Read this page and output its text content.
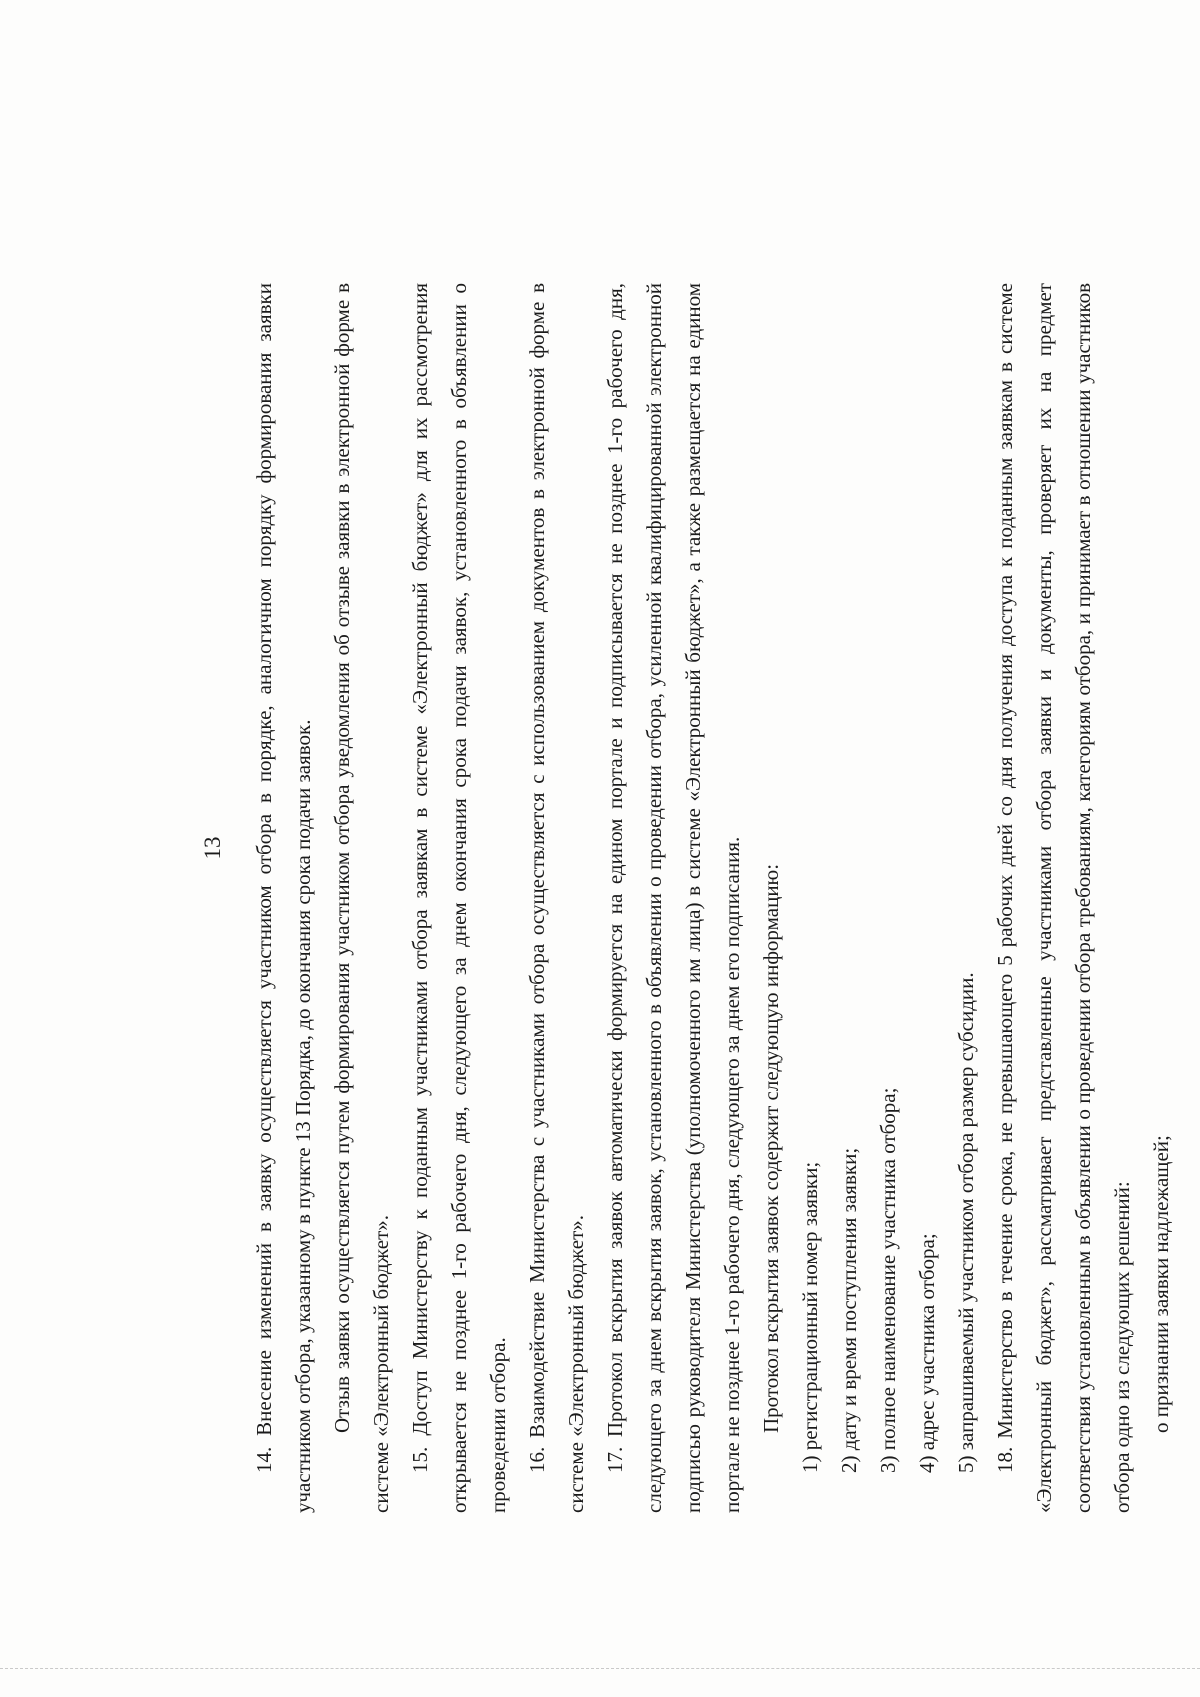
13	14. Внесение изменений в заявку осуществляется участником отбора в порядке, аналогичном порядку формирования заявки участником отбора, указанному в пункте 13 Порядка, до окончания срока подачи заявок. Отзыв заявки осуществляется путем формирования участником отбора уведомления об отзыве заявки в электронной форме в системе «Электронный бюджет». 15. Доступ Министерству к поданным участниками отбора заявкам в системе «Электронный бюджет» для их рассмотрения открывается не позднее 1-го рабочего дня, следующего за днем окончания срока подачи заявок, установленного в объявлении о проведении отбора. 16. Взаимодействие Министерства с участниками отбора осуществляется с использованием документов в электронной форме в системе «Электронный бюджет». 17. Протокол вскрытия заявок автоматически формируется на едином портале и подписывается не позднее 1-го рабочего дня, следующего за днем вскрытия заявок, установленного в объявлении о проведении отбора, усиленной квалифицированной электронной подписью руководителя Министерства (уполномоченного им лица) в системе «Электронный бюджет», а также размещается на едином портале не позднее 1-го рабочего дня, следующего за днем его подписания. Протокол вскрытия заявок содержит следующую информацию: 1) регистрационный номер заявки; 2) дату и время поступления заявки; 3) полное наименование участника отбора; 4) адрес участника отбора; 5) запрашиваемый участником отбора размер субсидии. 18. Министерство в течение срока, не превышающего 5 рабочих дней со дня получения доступа к поданным заявкам в системе «Электронный бюджет», рассматривает представленные участниками отбора заявки и документы, проверяет их на предмет соответствия установленным в объявлении о проведении отбора требованиям, категориям отбора, и принимает в отношении участников отбора одно из следующих решений: о признании заявки надлежащей;
